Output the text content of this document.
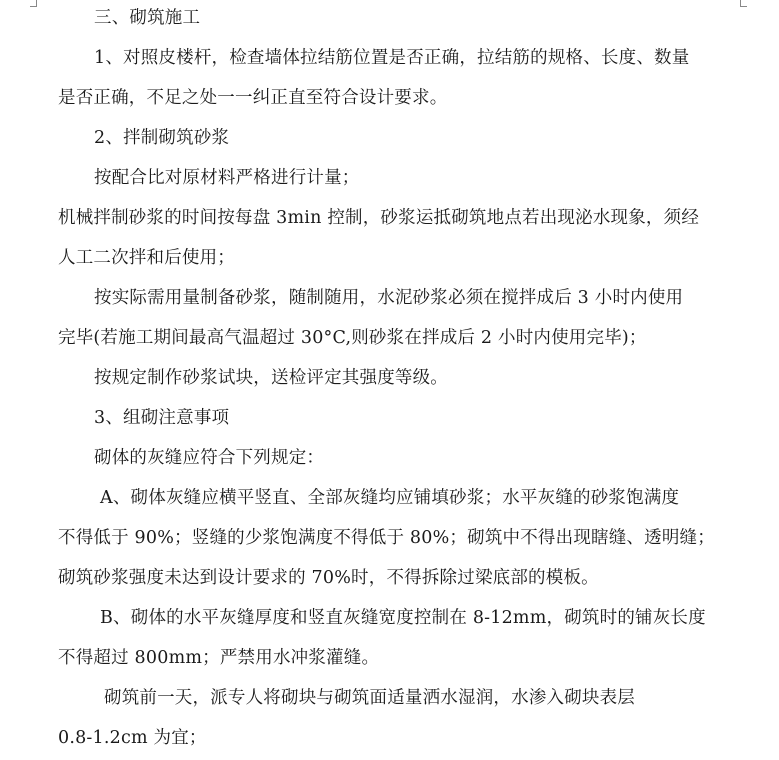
三、砌筑施工
1、对照皮楼杆，检查墙体拉结筋位置是否正确，拉结筋的规格、长度、数量
是否正确，不足之处一一纠正直至符合设计要求。
2、拌制砌筑砂浆
按配合比对原材料严格进行计量；
机械拌制砂浆的时间按每盘 3min 控制，砂浆运抵砌筑地点若出现泌水现象，须经
人工二次拌和后使用；
按实际需用量制备砂浆，随制随用，水泥砂浆必须在搅拌成后 3 小时内使用
完毕(若施工期间最高气温超过 30°C,则砂浆在拌成后 2 小时内使用完毕)；
按规定制作砂浆试块，送检评定其强度等级。
3、组砌注意事项
砌体的灰缝应符合下列规定：
A、砌体灰缝应横平竖直、全部灰缝均应铺填砂浆；水平灰缝的砂浆饱满度
不得低于 90%；竖缝的少浆饱满度不得低于 80%；砌筑中不得出现瞎缝、透明缝；
砌筑砂浆强度未达到设计要求的 70%时，不得拆除过梁底部的模板。
B、砌体的水平灰缝厚度和竖直灰缝宽度控制在 8-12mm，砌筑时的铺灰长度
不得超过 800mm；严禁用水冲浆灌缝。
砌筑前一天，派专人将砌块与砌筑面适量洒水湿润，水渗入砌块表层
0.8-1.2cm 为宜；
